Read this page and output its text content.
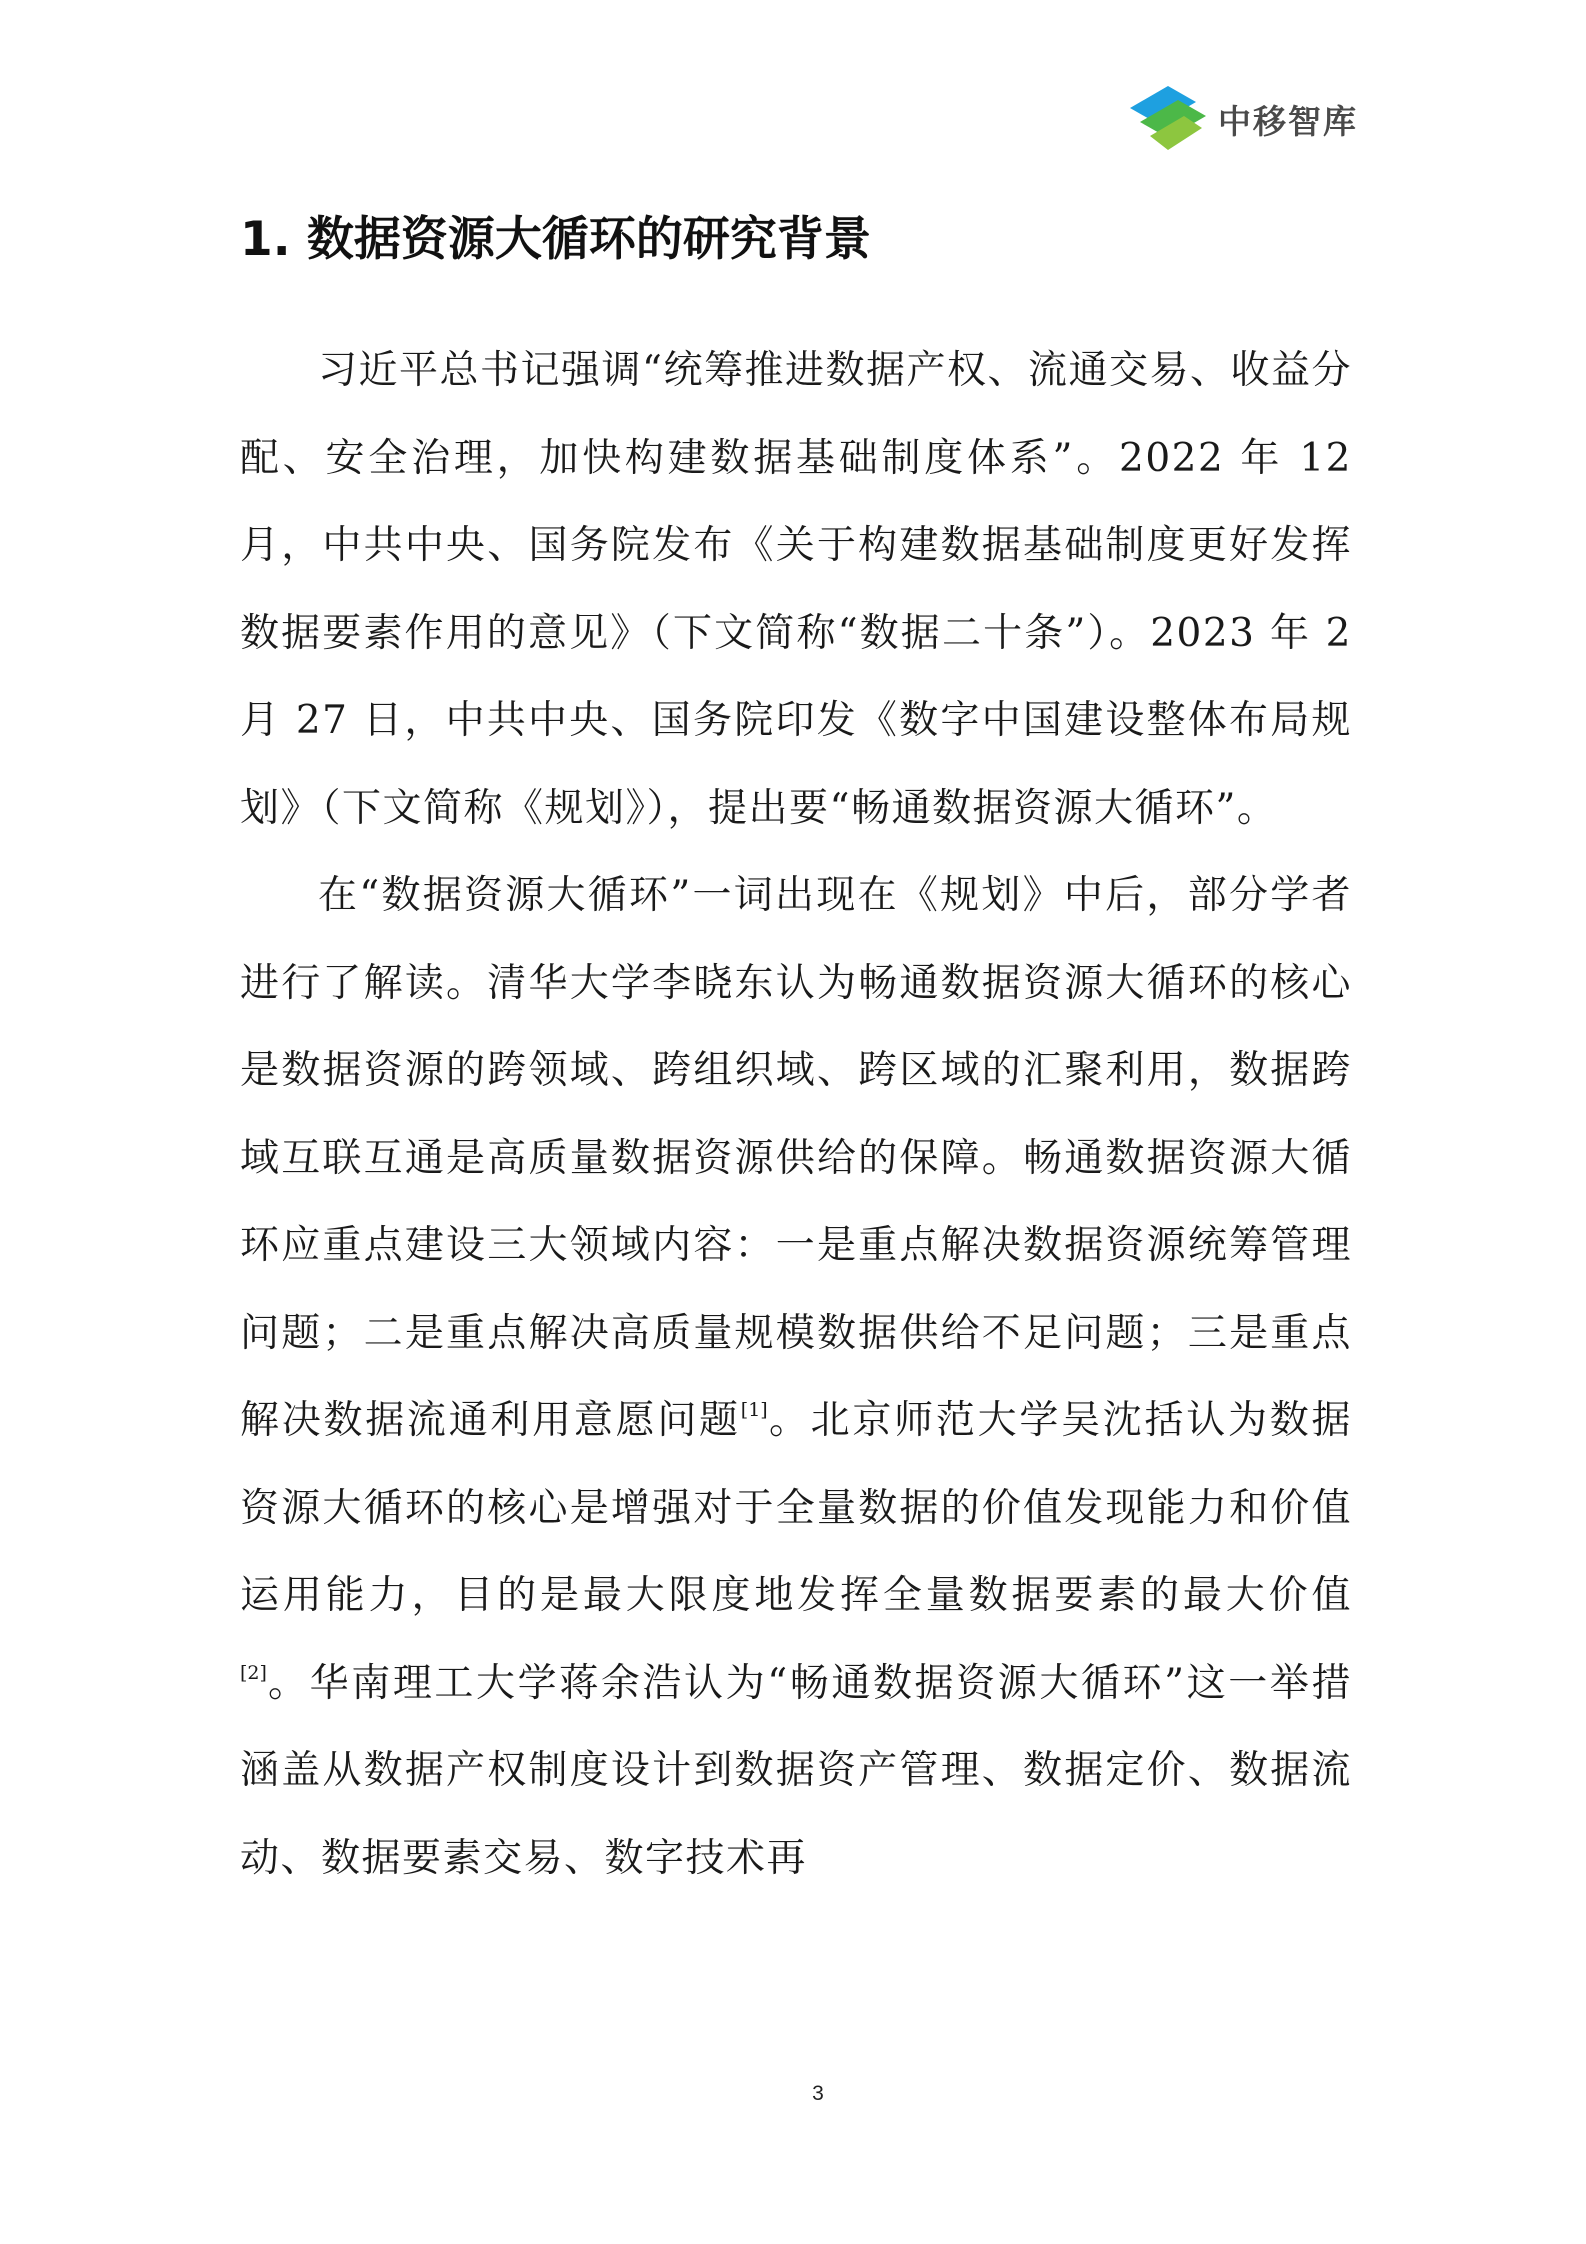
中移智库
1. 数据资源大循环的研究背景

习近平总书记强调“统筹推进数据产权、流通交易、收益分配、安全治理，加快构建数据基础制度体系”。2022 年 12 月，中共中央、国务院发布《关于构建数据基础制度更好发挥数据要素作用的意见》（下文简称“数据二十条”）。2023 年 2 月 27 日，中共中央、国务院印发《数字中国建设整体布局规划》（下文简称《规划》），提出要“畅通数据资源大循环”。

在“数据资源大循环”一词出现在《规划》中后，部分学者进行了解读。清华大学李晓东认为畅通数据资源大循环的核心是数据资源的跨领域、跨组织域、跨区域的汇聚利用，数据跨域互联互通是高质量数据资源供给的保障。畅通数据资源大循环应重点建设三大领域内容：一是重点解决数据资源统筹管理问题；二是重点解决高质量规模数据供给不足问题；三是重点解决数据流通利用意愿问题[1]。北京师范大学吴沈括认为数据资源大循环的核心是增强对于全量数据的价值发现能力和价值运用能力，目的是最大限度地发挥全量数据要素的最大价值[2]。华南理工大学蒋余浩认为“畅通数据资源大循环”这一举措涵盖从数据产权制度设计到数据资产管理、数据定价、数据流动、数据要素交易、数字技术再

3
